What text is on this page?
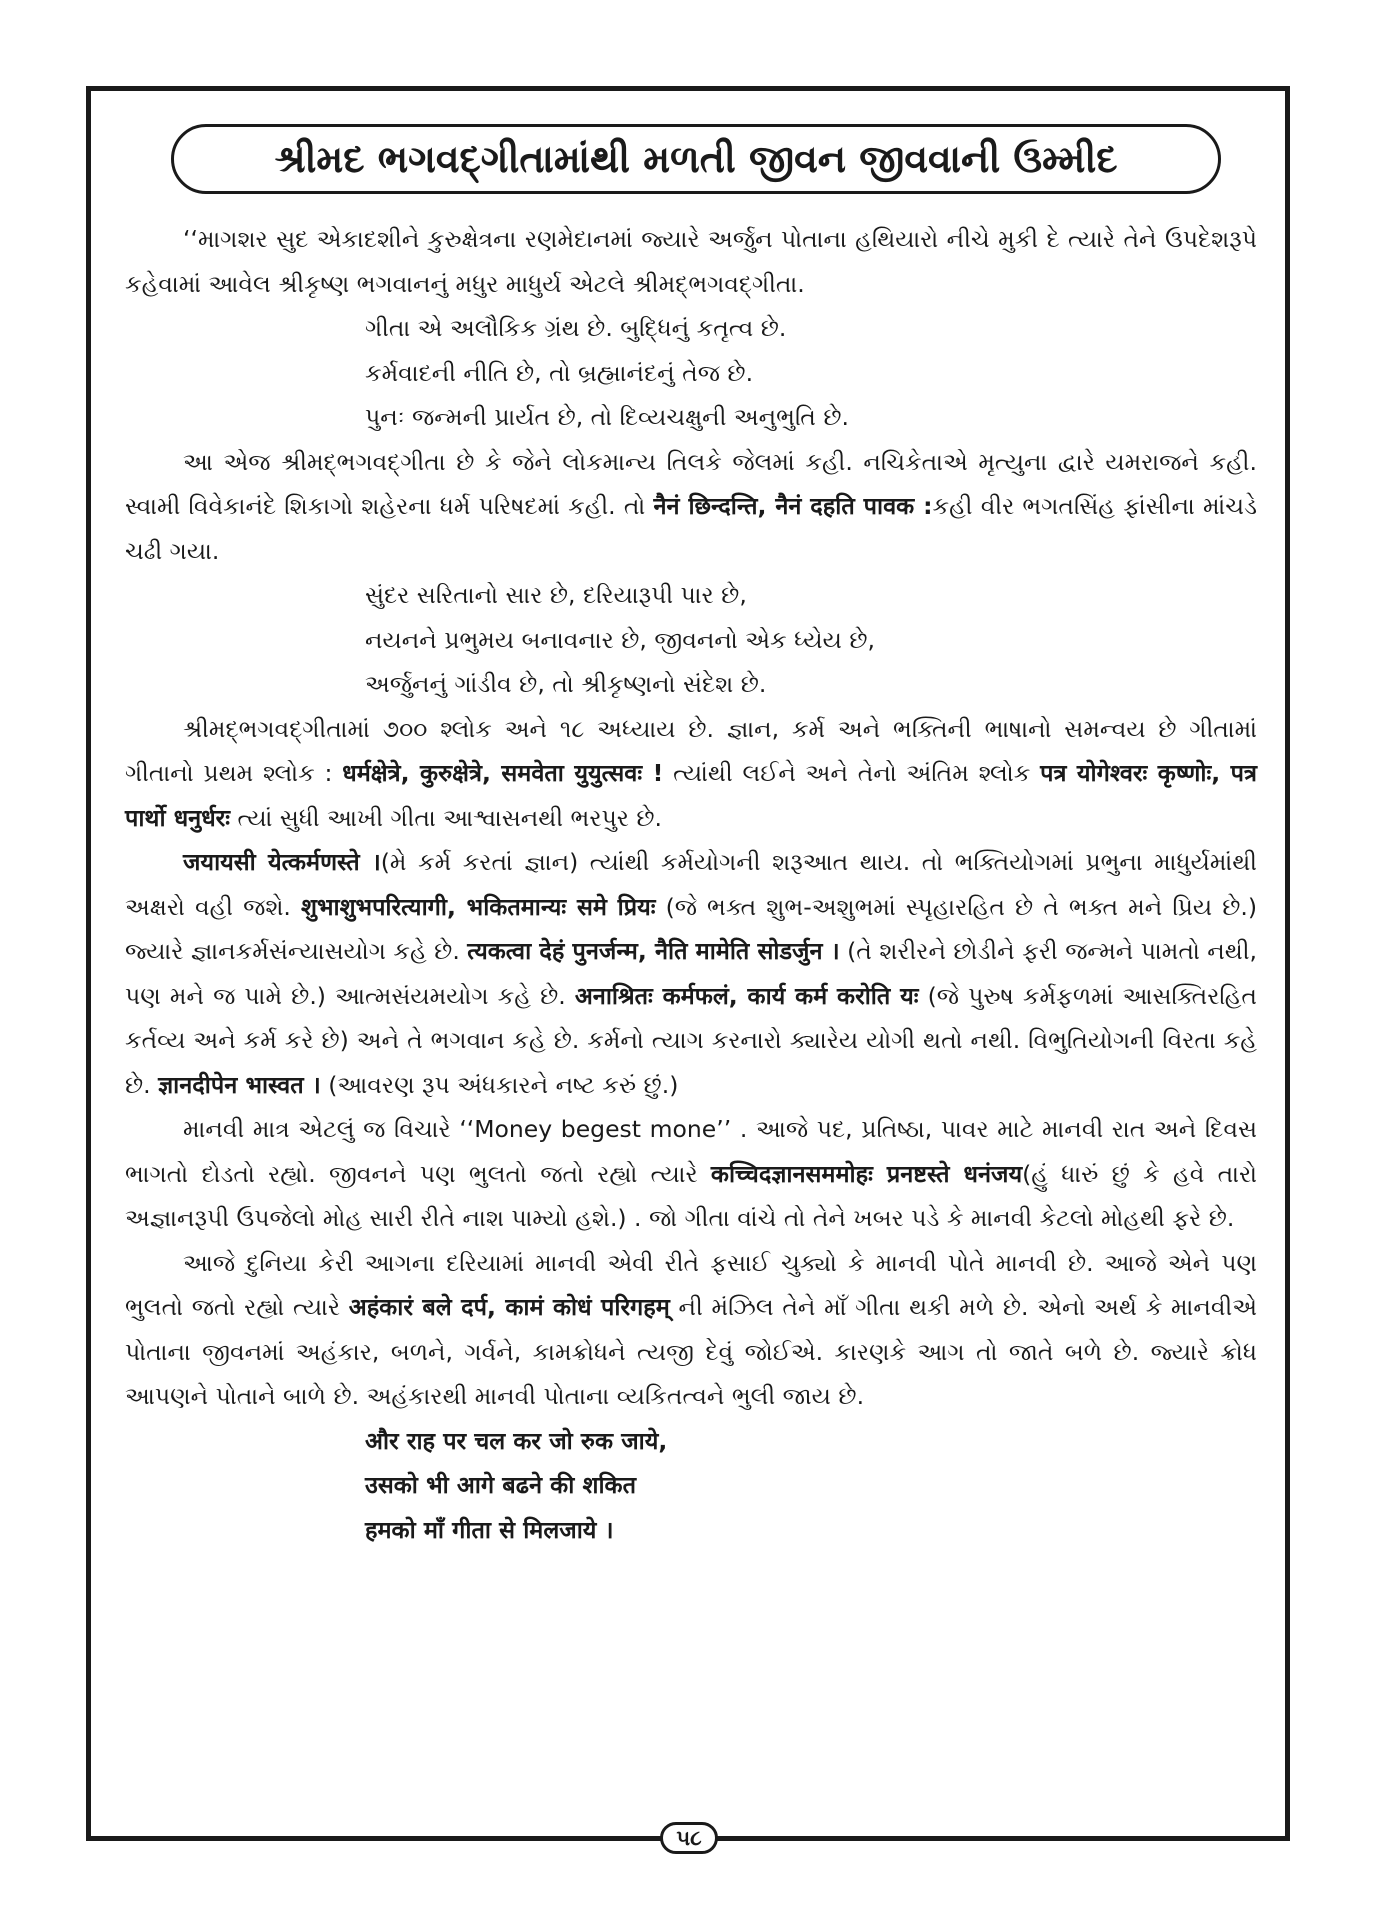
શ્રીમદ ભગવદ્ગીતામાંથી મળતી જીવન જીવવાની ઉમ્મીદ

‘‘માગશર સુદ એકાદશીને કુરુક્ષેત્રના રણમેદાનમાં જ્યારે અર્જુન પોતાના હથિયારો નીચે મુકી દે ત્યારે તેને ઉપદેશરૂપે કહેવામાં આવેલ શ્રીકૃષ્ણ ભગવાનનું મધુર માધુર્ય એટલે શ્રીમદ્ભગવદ્ગીતા.

ગીતા એ અલૌકિક ગ્રંથ છે. બુદ્ધિનું કતૃત્વ છે.

કર્મવાદની નીતિ છે, તો બ્રહ્માનંદનું તેજ છે.

પુનઃ જન્મની પ્રાર્યત છે, તો દિવ્યચક્ષુની અનુભુતિ છે.

આ એજ શ્રીમદ્ભગવદ્ગીતા છે કે જેને લોકમાન્ય તિલકે જેલમાં કહી. નચિકેતાએ મૃત્યુના દ્વારે યમરાજને કહી. સ્વામી વિવેકાનંદે શિકાગો શહેરના ધર્મ પરિષદમાં કહી. તો नैनं छिन्दन्ति, नैनं दहति पावक :કહી વીર ભગતસિંહ ફાંસીના માંચડે ચઢી ગયા.

સુંદર સરિતાનો સાર છે, દરિયારૂપી પાર છે,

નયનને પ્રભુમય બનાવનાર છે, જીવનનો એક ધ્યેય છે,

અર્જુનનું ગાંડીવ છે, તો શ્રીકૃષ્ણનો સંદેશ છે.

શ્રીમદ્ભગવદ્ગીતામાં ૭૦૦ શ્લોક અને ૧૮ અધ્યાય છે. જ્ઞાન, કર્મ અને ભક્તિની ભાષાનો સમન્વય છે ગીતામાં ગીતાનો પ્રથમ શ્લોક : धर्मक्षेत्रे, कुरुक्षेत्रे, समवेता युयुत्सवः ! ત્યાંથી લઈને અને તેનો અંતિમ શ્લોક पत्र योगेश्वरः कृष्णोः, पत्र पार्थो धनुर्धरः ત્યાં સુધી આખી ગીતા આશ્વાસનથી ભરપુર છે.

जयायसी येत्कर्मणस्ते ।(મે કર્મ કરતાં જ્ઞાન) ત્યાંથી કર્મયોગની શરૂઆત થાય. તો ભક્તિયોગમાં પ્રભુના માધુર્યમાંથી અક્ષરો વહી જશે. शुभाशुभपरित्यागी, भकितमान्यः समे प्रियः (જે ભક્ત શુભ-અશુભમાં સ્પૃહારહિત છે તે ભક્ત મને પ્રિય છે.) જ્યારે જ્ઞાનકર્મસંન્યાસયોગ કહે છે. त्यकत्वा देहं पुनर्जन्म, नैति मामेति सोडर्जुन । (તે શરીરને છોડીને ફરી જન્મને પામતો નથી, પણ મને જ પામે છે.) આત્મસંયમયોગ કહે છે. अनाश्रितः कर्मफलं, कार्य कर्म करोति यः (જે પુરુષ કર્મફળમાં આસક્તિરહિત કર્તવ્ય અને કર્મ કરે છે) અને તે ભગવાન કહે છે. કર્મનો ત્યાગ કરનારો ક્યારેય યોગી થતો નથી. વિભુતિયોગની વિરતા કહે છે. ज्ञानदीपेन भास्वत । (આવરણ રૂપ અંધકારને નષ્ટ કરું છું.)

માનવી માત્ર એટલું જ વિચારે ‘‘Money begest mone’’ . આજે પદ, પ્રતિષ્ઠા, પાવર માટે માનવી રાત અને દિવસ ભાગતો દોડતો રહ્યો. જીવનને પણ ભુલતો જતો રહ્યો ત્યારે कच्चिदज्ञानसममोहः प्रनष्टस्ते धनंजय(હું ધારું છું કે હવે તારો અજ્ઞાનરૂપી ઉપજેલો મોહ સારી રીતે નાશ પામ્યો હશે.) . જો ગીતા વાંચે તો તેને ખબર પડે કે માનવી કેટલો મોહથી ફરે છે.

આજે દુનિયા કેરી આગના દરિયામાં માનવી એવી રીતે ફસાઈ ચુક્યો કે માનવી પોતે માનવી છે. આજે એને પણ ભુલતો જતો રહ્યો ત્યારે अहंकारं बले दर्प, कामं कोधं परिगहम् ની મંઝિલ તેને માઁ ગીતા થકી મળે છે. એનો અર્થ કે માનવીએ પોતાના જીવનમાં અહંકાર, બળને, ગર્વને, કામક્રોધને ત્યજી દેવું જોઈએ. કારણકે આગ તો જાતે બળે છે. જ્યારે ક્રોધ આપણને પોતાને બાળે છે. અહંકારથી માનવી પોતાના વ્યકિતત્વને ભુલી જાય છે.

और राह पर चल कर जो रुक जाये,

उसको भी आगे बढने की शकित

हमको माँ गीता से मिलजाये ।

૫૮
